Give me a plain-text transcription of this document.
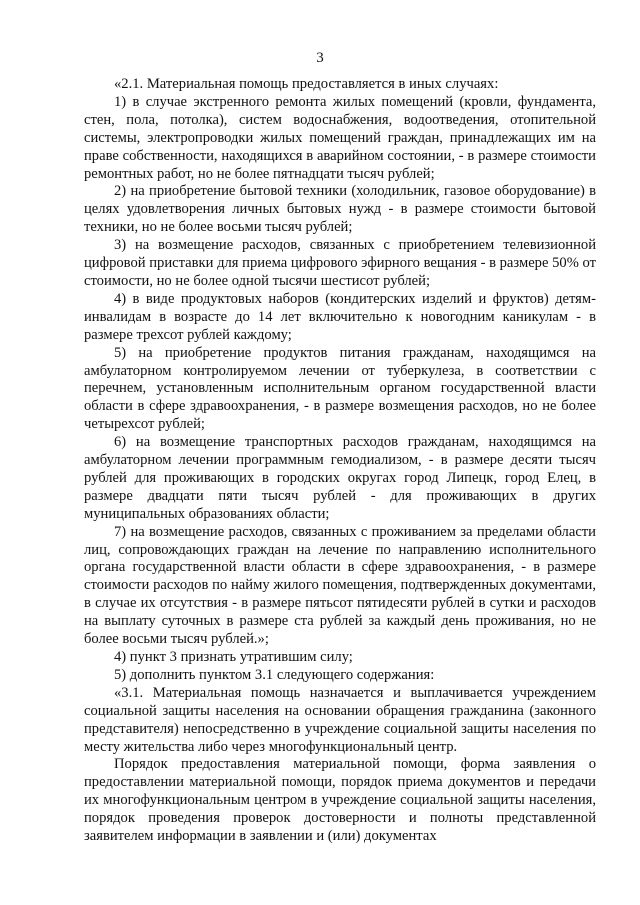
3

«2.1. Материальная помощь предоставляется в иных случаях:

1) в случае экстренного ремонта жилых помещений (кровли, фундамента, стен, пола, потолка), систем водоснабжения, водоотведения, отопительной системы, электропроводки жилых помещений граждан, принадлежащих им на праве собственности, находящихся в аварийном состоянии, - в размере стоимости ремонтных работ, но не более пятнадцати тысяч рублей;

2) на приобретение бытовой техники (холодильник, газовое оборудование) в целях удовлетворения личных бытовых нужд - в размере стоимости бытовой техники, но не более восьми тысяч рублей;

3) на возмещение расходов, связанных с приобретением телевизионной цифровой приставки для приема цифрового эфирного вещания - в размере 50% от стоимости, но не более одной тысячи шестисот рублей;

4) в виде продуктовых наборов (кондитерских изделий и фруктов) детям-инвалидам в возрасте до 14 лет включительно к новогодним каникулам - в размере трехсот рублей каждому;

5) на приобретение продуктов питания гражданам, находящимся на амбулаторном контролируемом лечении от туберкулеза, в соответствии с перечнем, установленным исполнительным органом государственной власти области в сфере здравоохранения, - в размере возмещения расходов, но не более четырехсот рублей;

6) на возмещение транспортных расходов гражданам, находящимся на амбулаторном лечении программным гемодиализом, - в размере десяти тысяч рублей для проживающих в городских округах город Липецк, город Елец, в размере двадцати пяти тысяч рублей - для проживающих в других муниципальных образованиях области;

7) на возмещение расходов, связанных с проживанием за пределами области лиц, сопровождающих граждан на лечение по направлению исполнительного органа государственной власти области в сфере здравоохранения, - в размере стоимости расходов по найму жилого помещения, подтвержденных документами, в случае их отсутствия - в размере пятьсот пятидесяти рублей в сутки и расходов на выплату суточных в размере ста рублей за каждый день проживания, но не более восьми тысяч рублей.»;

4) пункт 3 признать утратившим силу;

5) дополнить пунктом 3.1 следующего содержания:

«3.1. Материальная помощь назначается и выплачивается учреждением социальной защиты населения на основании обращения гражданина (законного представителя) непосредственно в учреждение социальной защиты населения по месту жительства либо через многофункциональный центр.

Порядок предоставления материальной помощи, форма заявления о предоставлении материальной помощи, порядок приема документов и передачи их многофункциональным центром в учреждение социальной защиты населения, порядок проведения проверок достоверности и полноты представленной заявителем информации в заявлении и (или) документах
